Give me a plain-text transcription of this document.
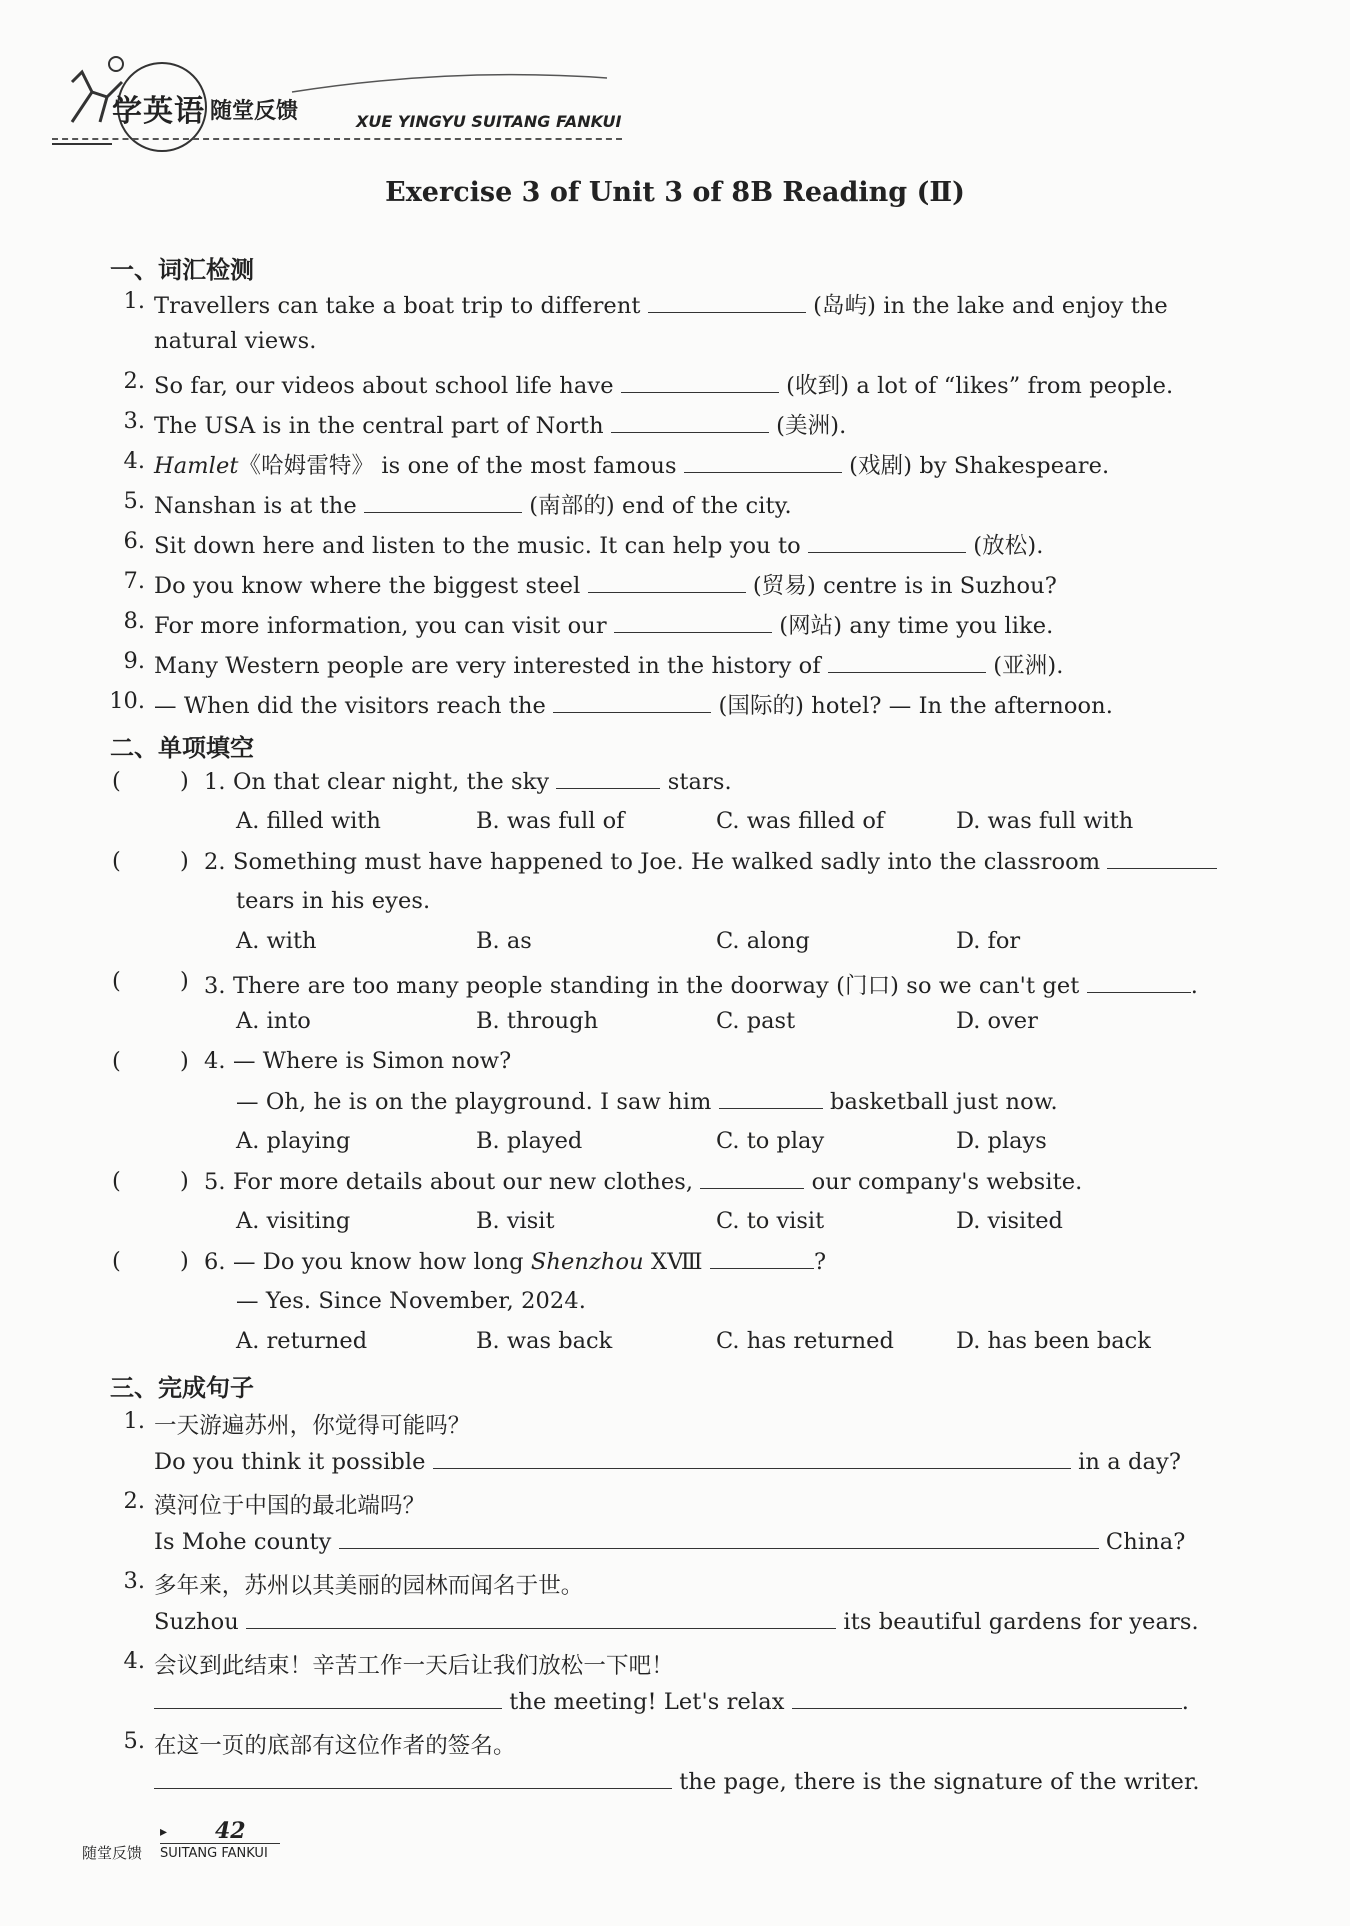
学英语 随堂反馈	XUE YINGYU SUITANG FANKUI
Exercise 3 of Unit 3 of 8B Reading (Ⅱ)
一、词汇检测
1. Travellers can take a boat trip to different	(岛屿) in the lake and enjoy the
natural views.
2. So far, our videos about school life have	(收到) a lot of “likes” from people.
3. The USA is in the central part of North	(美洲).
4. Hamlet《哈姆雷特》 is one of the most famous	(戏剧) by Shakespeare.
5. Nanshan is at the	(南部的) end of the city.
6. Sit down here and listen to the music. It can help you to	(放松).
7. Do you know where the biggest steel	(贸易) centre is in Suzhou?
8. For more information, you can visit our	(网站) any time you like.
9. Many Western people are very interested in the history of	(亚洲).
10. — When did the visitors reach the	(国际的) hotel? — In the afternoon.
二、单项填空
(	) 1. On that clear night, the sky	stars.
A. filled with	B. was full of	C. was filled of	D. was full with
(	) 2. Something must have happened to Joe. He walked sadly into the classroom
tears in his eyes.
A. with	B. as	C. along	D. for
(	) 3. There are too many people standing in the doorway (门口) so we can't get	.
A. into	B. through	C. past	D. over
(	) 4. — Where is Simon now?
— Oh, he is on the playground. I saw him	basketball just now.
A. playing	B. played	C. to play	D. plays
(	) 5. For more details about our new clothes,	our company's website.
A. visiting	B. visit	C. to visit	D. visited
(	) 6. — Do you know how long Shenzhou ⅩⅧ	?
— Yes. Since November, 2024.
A. returned	B. was back	C. has returned	D. has been back
三、完成句子
1. 一天游遍苏州，你觉得可能吗？
Do you think it possible	in a day?
2. 漠河位于中国的最北端吗？
Is Mohe county	China?
3. 多年来，苏州以其美丽的园林而闻名于世。
Suzhou	its beautiful gardens for years.
4. 会议到此结束！辛苦工作一天后让我们放松一下吧！
the meeting! Let's relax	.
5. 在这一页的底部有这位作者的签名。
the page, there is the signature of the writer.
▸ 42
随堂反馈 SUITANG FANKUI
